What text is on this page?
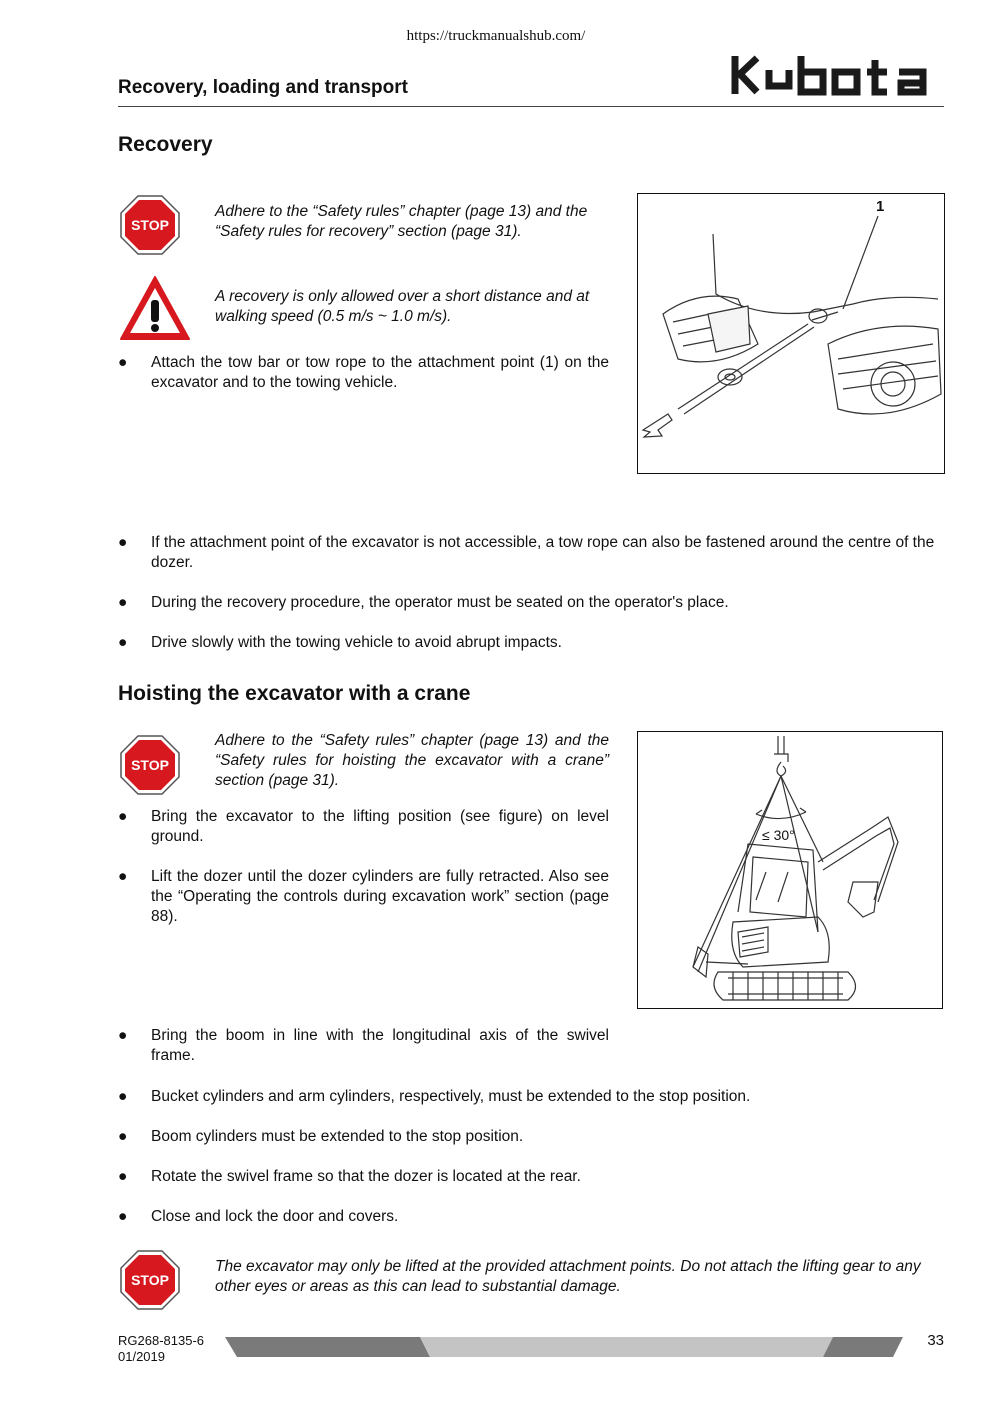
https://truckmanualshub.com/
Recovery, loading and transport
Recovery
STOP
Adhere to the “Safety rules” chapter (page 13) and the “Safety rules for recovery” section (page 31).
A recovery is only allowed over a short distance and at walking speed (0.5 m/s ~ 1.0 m/s).
● Attach the tow bar or tow rope to the attachment point (1) on the excavator and to the towing vehicle.
1
● If the attachment point of the excavator is not accessible, a tow rope can also be fastened around the centre of the dozer.
● During the recovery procedure, the operator must be seated on the operator's place.
● Drive slowly with the towing vehicle to avoid abrupt impacts.
Hoisting the excavator with a crane
STOP
Adhere to the “Safety rules” chapter (page 13) and the “Safety rules for hoisting the excavator with a crane” section (page 31).
● Bring the excavator to the lifting position (see figure) on level ground.
● Lift the dozer until the dozer cylinders are fully retracted. Also see the “Operating the controls during excavation work” section (page 88).
≤ 30°
● Bring the boom in line with the longitudinal axis of the swivel frame.
● Bucket cylinders and arm cylinders, respectively, must be extended to the stop position.
● Boom cylinders must be extended to the stop position.
● Rotate the swivel frame so that the dozer is located at the rear.
● Close and lock the door and covers.
STOP
The excavator may only be lifted at the provided attachment points. Do not attach the lifting gear to any other eyes or areas as this can lead to substantial damage.
RG268-8135-6
01/2019
33
